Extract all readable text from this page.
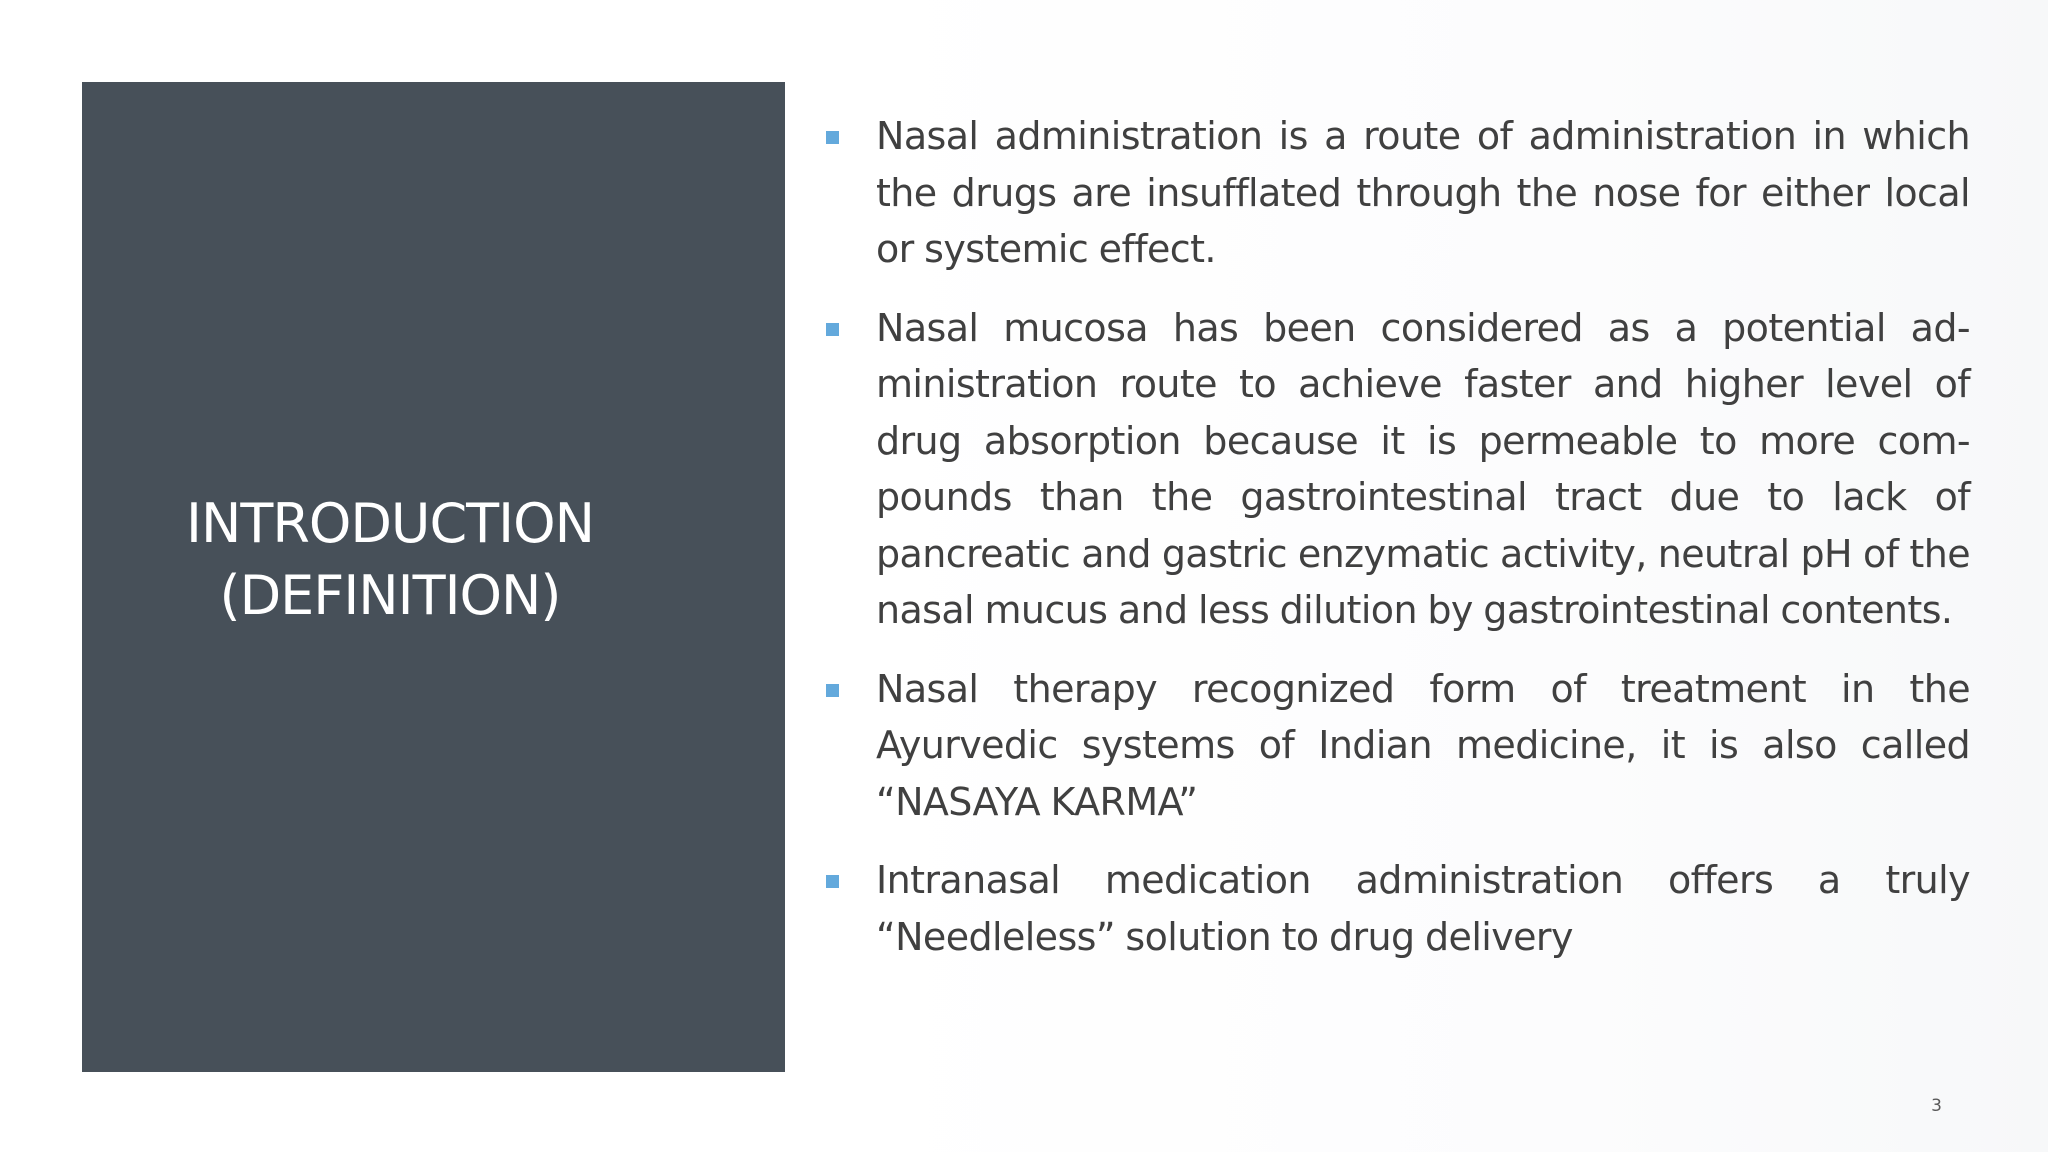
INTRODUCTION
(DEFINITION)
Nasal administration is a route of administration in which the drugs are insufflated through the nose for either local or systemic effect.
Nasal mucosa has been considered as a potential ad-ministration route to achieve faster and higher level of drug absorption because it is permeable to more com-pounds than the gastrointestinal tract due to lack of pancreatic and gastric enzymatic activity, neutral pH of the nasal mucus and less dilution by gastrointestinal contents.
Nasal therapy recognized form of treatment in the Ayurvedic systems of Indian medicine, it is also called “NASAYA KARMA”
Intranasal medication administration offers a truly “Needleless” solution to drug delivery
3
